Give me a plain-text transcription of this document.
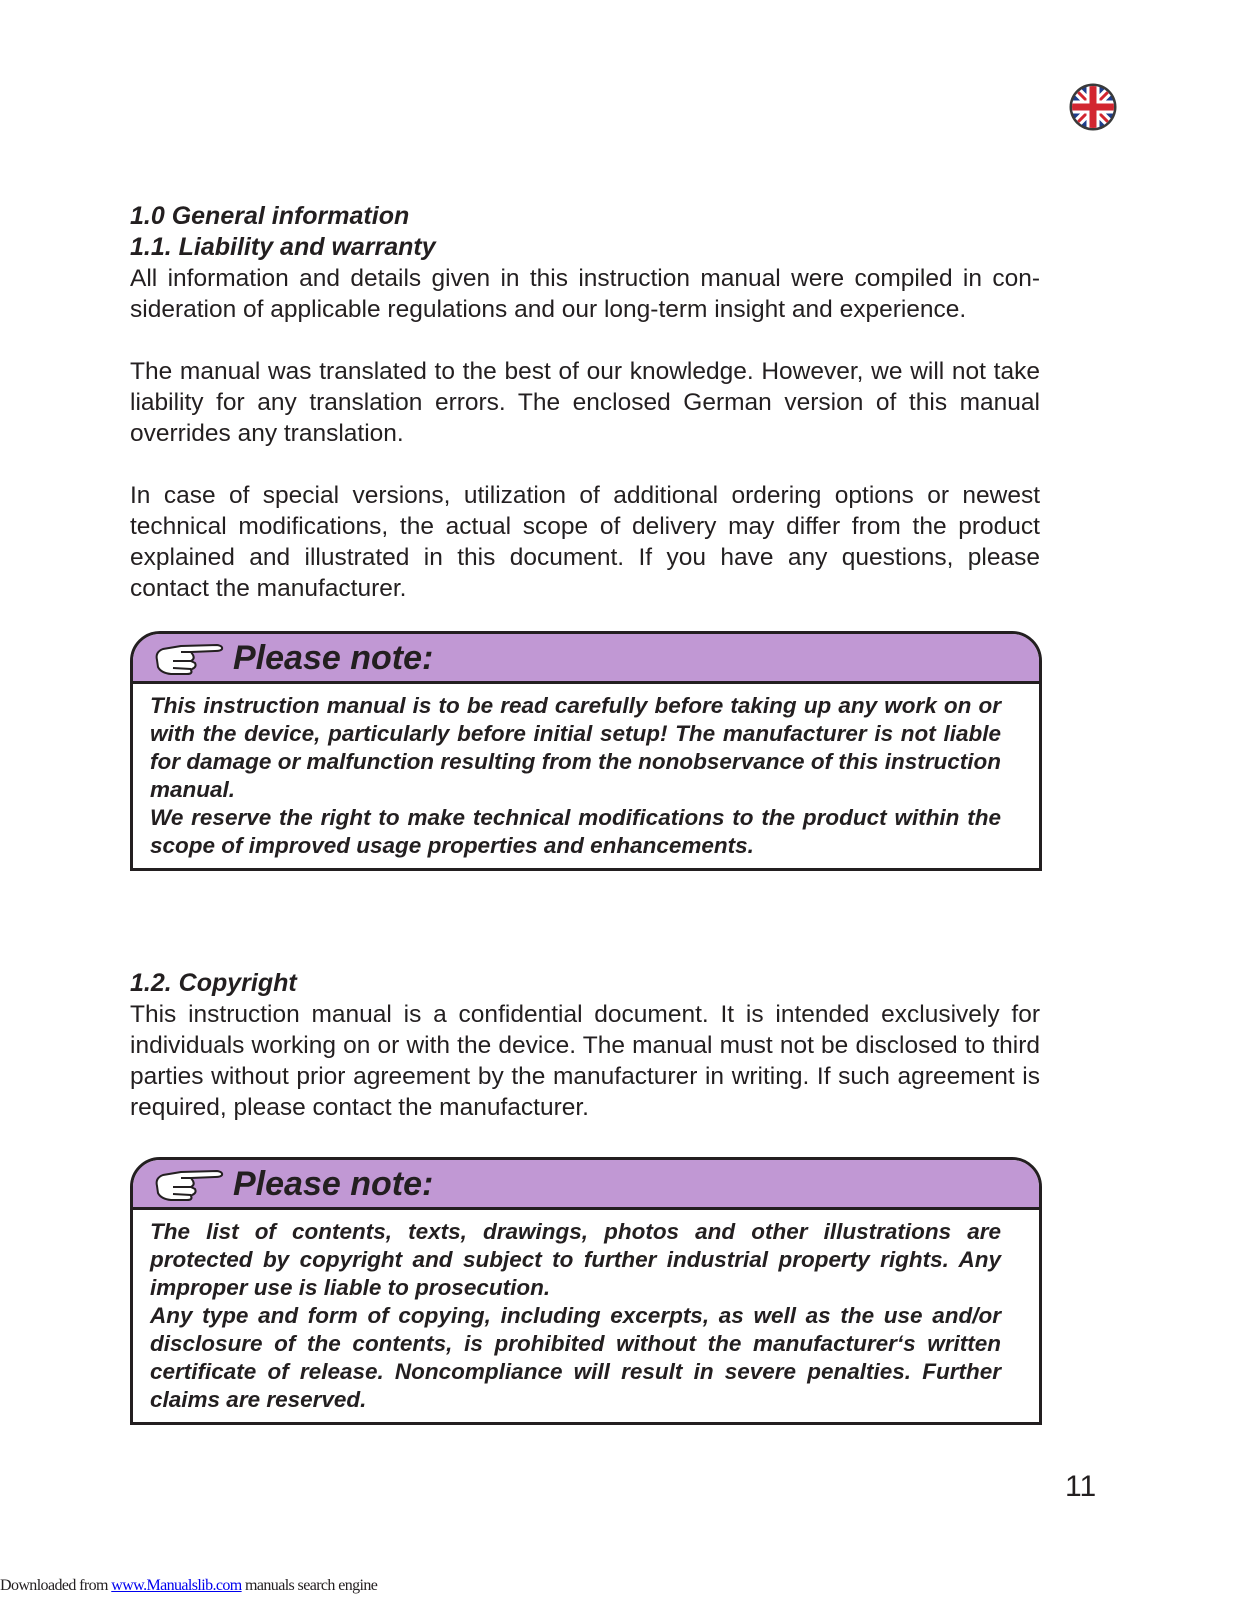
1.0 General information

1.1. Liability and warranty

All information and details given in this instruction manual were compiled in con-sideration of applicable regulations and our long-term insight and experience.

The manual was translated to the best of our knowledge. However, we will not take liability for any translation errors. The enclosed German version of this manual overrides any translation.

In case of special versions, utilization of additional ordering options or newest technical modifications, the actual scope of delivery may differ from the product explained and illustrated in this document. If you have any questions, please contact the manufacturer.

Please note:

This instruction manual is to be read carefully before taking up any work on or with the device, particularly before initial setup! The manufacturer is not liable for damage or malfunction resulting from the nonobservance of this instruction manual.

We reserve the right to make technical modifications to the product within the scope of improved usage properties and enhancements.

1.2. Copyright

This instruction manual is a confidential document. It is intended exclusively for individuals working on or with the device. The manual must not be disclosed to third parties without prior agreement by the manufacturer in writing. If such agreement is required, please contact the manufacturer.

Please note:

The list of contents, texts, drawings, photos and other illustrations are protected by copyright and subject to further industrial property rights. Any improper use is liable to prosecution.

Any type and form of copying, including excerpts, as well as the use and/or disclosure of the contents, is prohibited without the manufacturer‘s written certificate of release. Noncompliance will result in severe penalties. Further claims are reserved.

11
Downloaded from www.Manualslib.com manuals search engine
